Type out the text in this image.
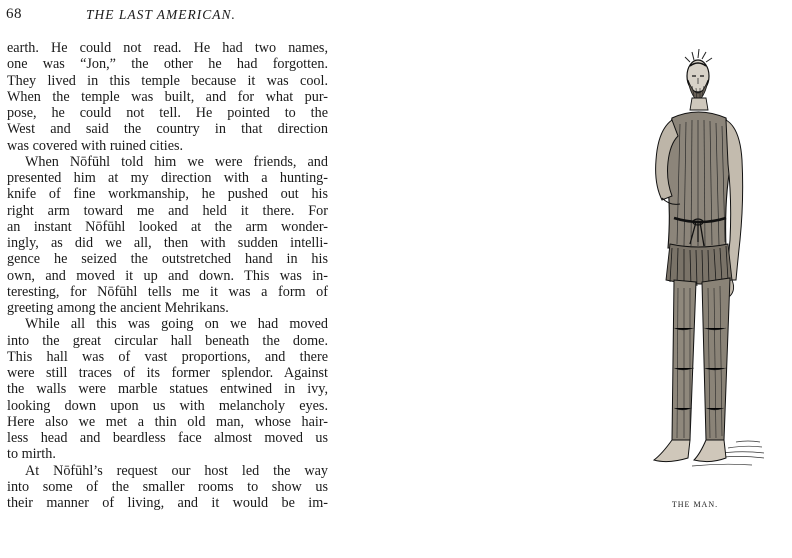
68	THE LAST AMERICAN.
earth. He could not read. He had two names,
one was “Jon,” the other he had forgotten.
They lived in this temple because it was cool.
When the temple was built, and for what pur-
pose, he could not tell. He pointed to the
West and said the country in that direction
was covered with ruined cities.
When Nōfūhl told him we were friends, and
presented him at my direction with a hunting-
knife of fine workmanship, he pushed out his
right arm toward me and held it there. For
an instant Nōfūhl looked at the arm wonder-
ingly, as did we all, then with sudden intelli-
gence he seized the outstretched hand in his
own, and moved it up and down. This was in-
teresting, for Nōfūhl tells me it was a form of
greeting among the ancient Mehrikans.
While all this was going on we had moved
into the great circular hall beneath the dome.
This hall was of vast proportions, and there
were still traces of its former splendor. Against
the walls were marble statues entwined in ivy,
looking down upon us with melancholy eyes.
Here also we met a thin old man, whose hair-
less head and beardless face almost moved us
to mirth.
At Nōfūhl’s request our host led the way
into some of the smaller rooms to show us
their manner of living, and it would be im-	THE MAN.
